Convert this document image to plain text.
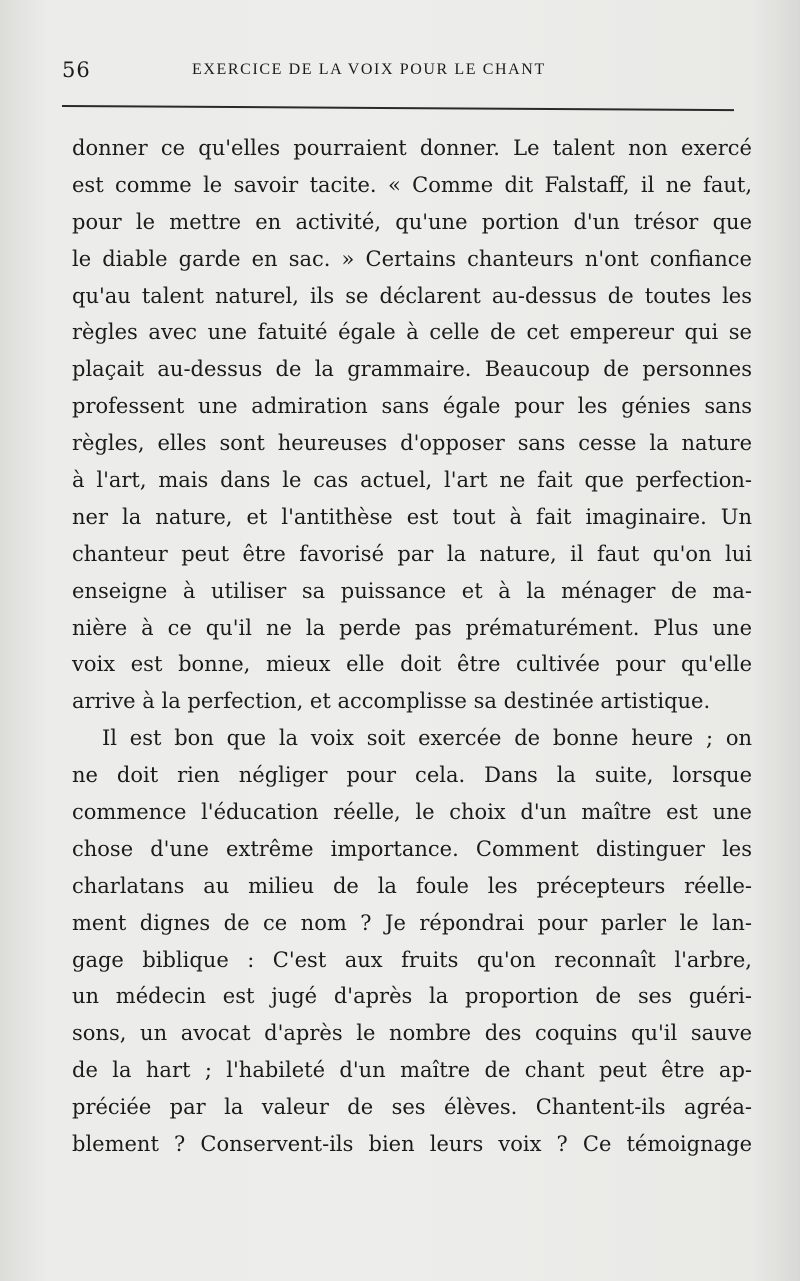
56	EXERCICE DE LA VOIX POUR LE CHANT
donner ce qu'elles pourraient donner. Le talent non exercé
est comme le savoir tacite. « Comme dit Falstaff, il ne faut,
pour le mettre en activité, qu'une portion d'un trésor que
le diable garde en sac. » Certains chanteurs n'ont confiance
qu'au talent naturel, ils se déclarent au-dessus de toutes les
règles avec une fatuité égale à celle de cet empereur qui se
plaçait au-dessus de la grammaire. Beaucoup de personnes
professent une admiration sans égale pour les génies sans
règles, elles sont heureuses d'opposer sans cesse la nature
à l'art, mais dans le cas actuel, l'art ne fait que perfection-
ner la nature, et l'antithèse est tout à fait imaginaire. Un
chanteur peut être favorisé par la nature, il faut qu'on lui
enseigne à utiliser sa puissance et à la ménager de ma-
nière à ce qu'il ne la perde pas prématurément. Plus une
voix est bonne, mieux elle doit être cultivée pour qu'elle
arrive à la perfection, et accomplisse sa destinée artistique.
Il est bon que la voix soit exercée de bonne heure ; on
ne doit rien négliger pour cela. Dans la suite, lorsque
commence l'éducation réelle, le choix d'un maître est une
chose d'une extrême importance. Comment distinguer les
charlatans au milieu de la foule les précepteurs réelle-
ment dignes de ce nom ? Je répondrai pour parler le lan-
gage biblique : C'est aux fruits qu'on reconnaît l'arbre,
un médecin est jugé d'après la proportion de ses guéri-
sons, un avocat d'après le nombre des coquins qu'il sauve
de la hart ; l'habileté d'un maître de chant peut être ap-
préciée par la valeur de ses élèves. Chantent-ils agréa-
blement ? Conservent-ils bien leurs voix ? Ce témoignage
